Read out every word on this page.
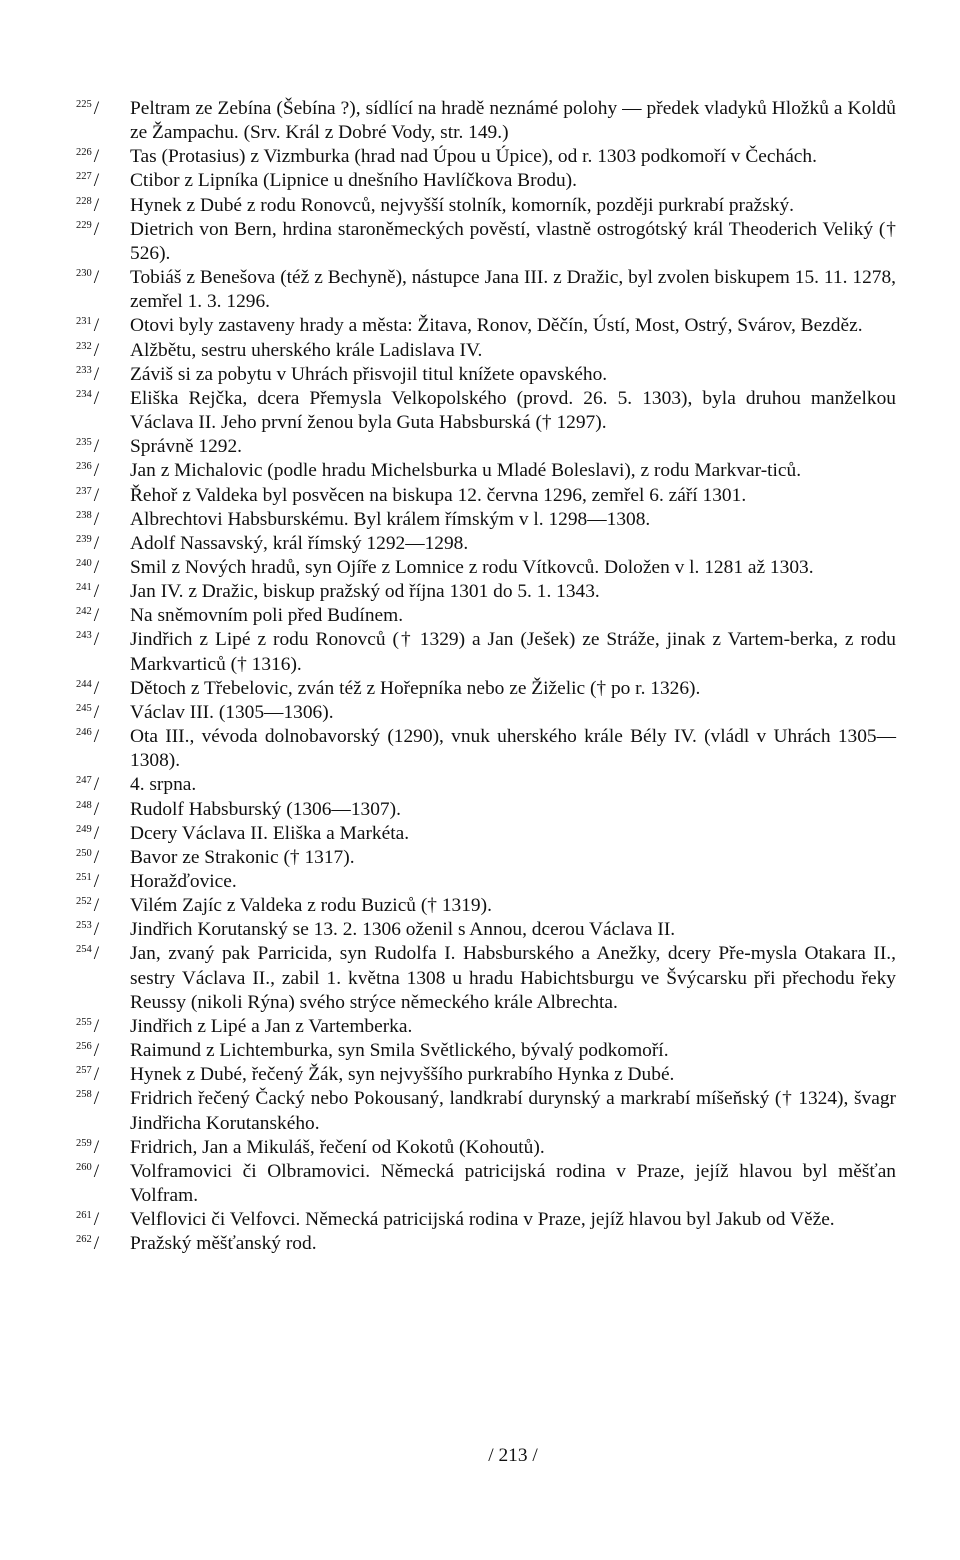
$^{225}$ /	Peltram ze Zebína (Šebína ?), sídlící na hradě neznámé polohy — předek vladyků Hložků a Koldů ze Žampachu. (Srv. Král z Dobré Vody, str. 149.)
$^{226}$ /	Tas (Protasius) z Vizmburka (hrad nad Úpou u Úpice), od r. 1303 podkomoří v Čechách.
$^{227}$ /	Ctibor z Lipníka (Lipnice u dnešního Havlíčkova Brodu).
$^{228}$ /	Hynek z Dubé z rodu Ronovců, nejvyšší stolník, komorník, později purkrabí pražský.
$^{229}$ /	Dietrich von Bern, hrdina staroněmeckých pověstí, vlastně ostrogótský král Theoderich Veliký († 526).
$^{230}$ /	Tobiáš z Benešova (též z Bechyně), nástupce Jana III. z Dražic, byl zvolen biskupem 15. 11. 1278, zemřel 1. 3. 1296.
$^{231}$ /	Otovi byly zastaveny hrady a města: Žitava, Ronov, Děčín, Ústí, Most, Ostrý, Svárov, Bezděz.
$^{232}$ /	Alžbětu, sestru uherského krále Ladislava IV.
$^{233}$ /	Záviš si za pobytu v Uhrách přisvojil titul knížete opavského.
$^{234}$ /	Eliška Rejčka, dcera Přemysla Velkopolského (provd. 26. 5. 1303), byla druhou manželkou Václava II. Jeho první ženou byla Guta Habsburská († 1297).
$^{235}$ /	Správně 1292.
$^{236}$ /	Jan z Michalovic (podle hradu Michelsburka u Mladé Boleslavi), z rodu Markvar-ticů.
$^{237}$ /	Řehoř z Valdeka byl posvěcen na biskupa 12. června 1296, zemřel 6. září 1301.
$^{238}$ /	Albrechtovi Habsburskému. Byl králem římským v l. 1298—1308.
$^{239}$ /	Adolf Nassavský, král římský 1292—1298.
$^{240}$ /	Smil z Nových hradů, syn Ojíře z Lomnice z rodu Vítkovců. Doložen v l. 1281 až 1303.
$^{241}$ /	Jan IV. z Dražic, biskup pražský od října 1301 do 5. 1. 1343.
$^{242}$ /	Na sněmovním poli před Budínem.
$^{243}$ /	Jindřich z Lipé z rodu Ronovců († 1329) a Jan (Ješek) ze Stráže, jinak z Vartem-berka, z rodu Markvarticů († 1316).
$^{244}$ /	Dětoch z Třebelovic, zván též z Hořepníka nebo ze Žiželic († po r. 1326).
$^{245}$ /	Václav III. (1305—1306).
$^{246}$ /	Ota III., vévoda dolnobavorský (1290), vnuk uherského krále Bély IV. (vládl v Uhrách 1305—1308).
$^{247}$ /	4. srpna.
$^{248}$ /	Rudolf Habsburský (1306—1307).
$^{249}$ /	Dcery Václava II. Eliška a Markéta.
$^{250}$ /	Bavor ze Strakonic († 1317).
$^{251}$ /	Horažďovice.
$^{252}$ /	Vilém Zajíc z Valdeka z rodu Buziců († 1319).
$^{253}$ /	Jindřich Korutanský se 13. 2. 1306 oženil s Annou, dcerou Václava II.
$^{254}$ /	Jan, zvaný pak Parricida, syn Rudolfa I. Habsburského a Anežky, dcery Pře-mysla Otakara II., sestry Václava II., zabil 1. května 1308 u hradu Habichtsburgu ve Švýcarsku při přechodu řeky Reussy (nikoli Rýna) svého strýce německého krále Albrechta.
$^{255}$ /	Jindřich z Lipé a Jan z Vartemberka.
$^{256}$ /	Raimund z Lichtemburka, syn Smila Světlického, bývalý podkomoří.
$^{257}$ /	Hynek z Dubé, řečený Žák, syn nejvyššího purkrabího Hynka z Dubé.
$^{258}$ /	Fridrich řečený Čacký nebo Pokousaný, landkrabí durynský a markrabí míšeňský († 1324), švagr Jindřicha Korutanského.
$^{259}$ /	Fridrich, Jan a Mikuláš, řečení od Kokotů (Kohoutů).
$^{260}$ /	Volframovici či Olbramovici. Německá patricijská rodina v Praze, jejíž hlavou byl měšťan Volfram.
$^{261}$ /	Velflovici či Velfovci. Německá patricijská rodina v Praze, jejíž hlavou byl Jakub od Věže.
$^{262}$ /	Pražský měšťanský rod.
/ 213 /
